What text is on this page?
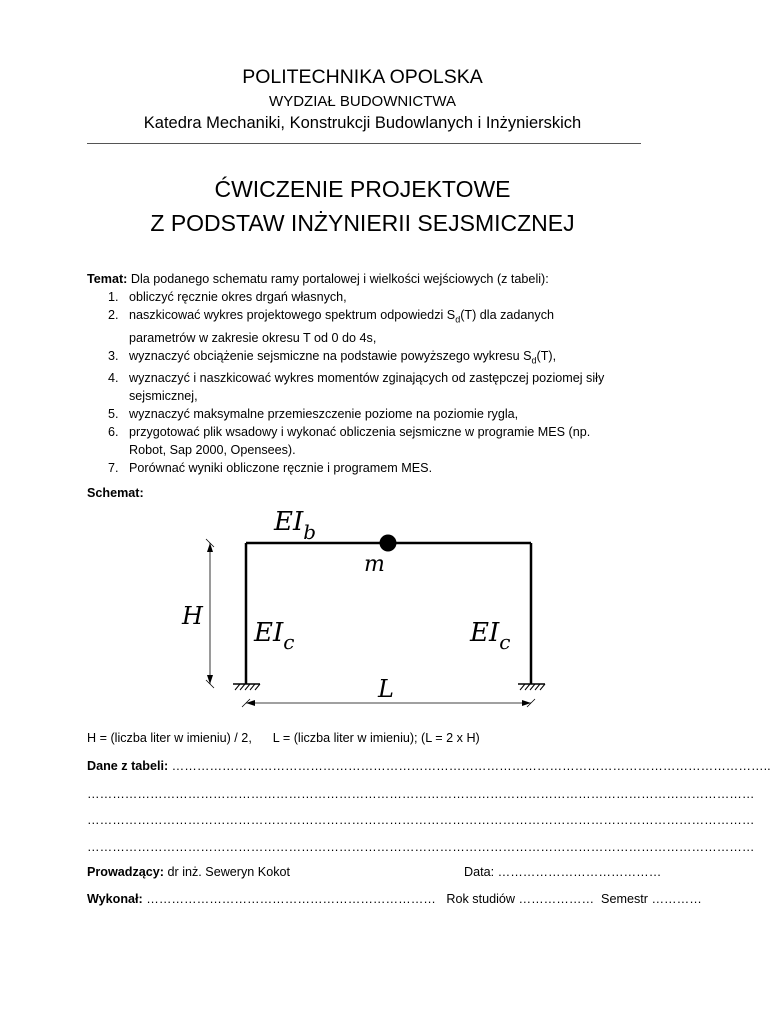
POLITECHNIKA OPOLSKA
WYDZIAŁ BUDOWNICTWA
Katedra Mechaniki, Konstrukcji Budowlanych i Inżynierskich
ĆWICZENIE PROJEKTOWE
Z PODSTAW INŻYNIERII SEJSMICZNEJ
Temat: Dla podanego schematu ramy portalowej i wielkości wejściowych (z tabeli):
1. obliczyć ręcznie okres drgań własnych,
2. naszkicować wykres projektowego spektrum odpowiedzi $S_d(T)$ dla zadanych
parametrów w zakresie okresu T od 0 do 4s,
3. wyznaczyć obciążenie sejsmiczne na podstawie powyższego wykresu $S_d(T)$,
4. wyznaczyć i naszkicować wykres momentów zginających od zastępczej poziomej siły
sejsmicznej,
5. wyznaczyć maksymalne przemieszczenie poziome na poziomie rygla,
6. przygotować plik wsadowy i wykonać obliczenia sejsmiczne w programie MES (np.
Robot, Sap 2000, Opensees).
7. Porównać wyniki obliczone ręcznie i programem MES.
Schemat:
$EI_b$
m
H
$EI_c$	$EI_c$
L
H = (liczba liter w imieniu) / 2,      L = (liczba liter w imieniu); (L = 2 x H)
Dane z tabeli: ……………………………………………………………………………………………………………………………..
……………………………………………………………………………………………………………………………………………
……………………………………………………………………………………………………………………………………………
……………………………………………………………………………………………………………………………………………
Prowadzący: dr inż. Seweryn Kokot	Data: …………………………………
Wykonał: ……………………………………………………………   Rok studiów ………………  Semestr …………
